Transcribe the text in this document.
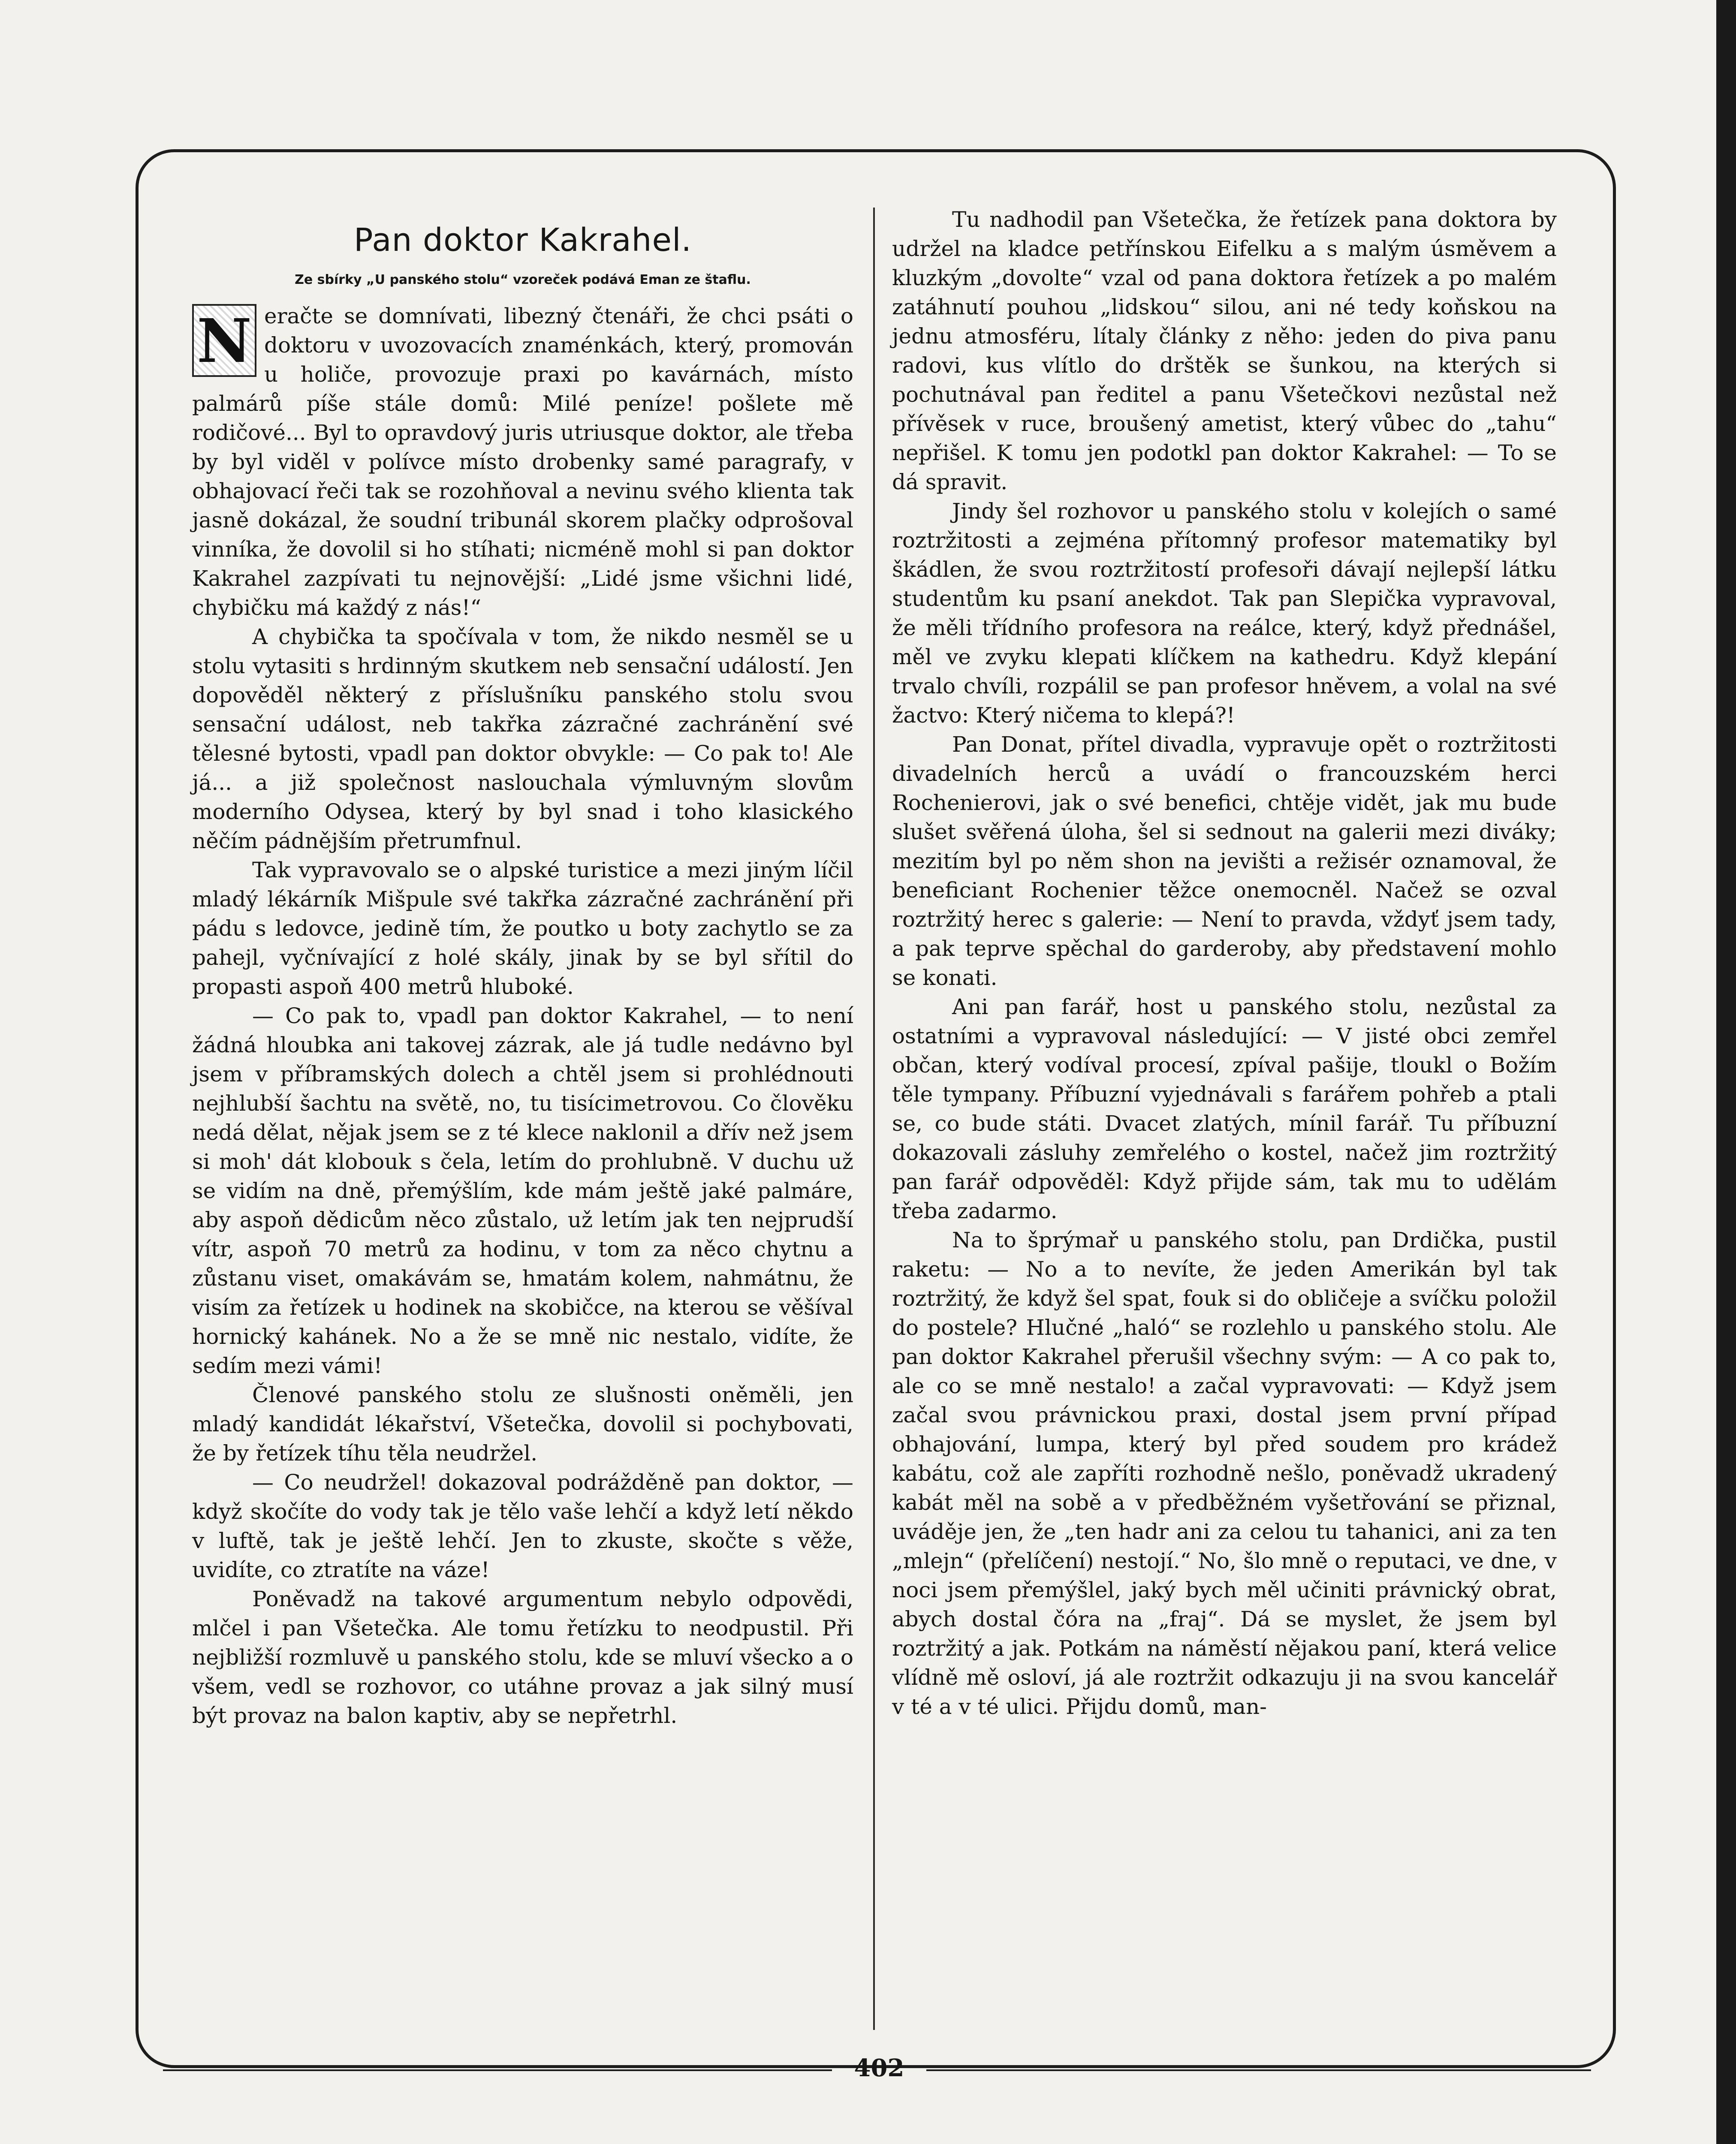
Pan doktor Kakrahel.
Ze sbírky „U panského stolu“ vzoreček podává Eman ze štaflu.
N eračte se domnívati, libezný čtenáři, že chci psáti o doktoru v uvozovacích znaménkách, který, promován u holiče, provozuje praxi po kavárnách, místo palmárů píše stále domů: Milé peníze! pošlete mě rodičové... Byl to opravdový juris utriusque doktor, ale třeba by byl viděl v polívce místo drobenky samé paragrafy, v obhajovací řeči tak se rozohňoval a nevinu svého klienta tak jasně dokázal, že soudní tribunál skorem plačky odprošoval vinníka, že dovolil si ho stíhati; nicméně mohl si pan doktor Kakrahel zazpívati tu nejnovější: „Lidé jsme všichni lidé, chybičku má každý z nás!“

A chybička ta spočívala v tom, že nikdo nesměl se u stolu vytasiti s hrdinným skutkem neb sensační událostí. Jen dopověděl některý z příslušníku panského stolu svou sensační událost, neb takřka zázračné zachránění své tělesné bytosti, vpadl pan doktor obvykle: — Co pak to! Ale já... a již společnost naslouchala výmluvným slovům moderního Odysea, který by byl snad i toho klasického něčím pádnějším přetrumfnul.

Tak vypravovalo se o alpské turistice a mezi jiným líčil mladý lékárník Mišpule své takřka zázračné zachránění při pádu s ledovce, jedině tím, že poutko u boty zachytlo se za pahejl, vyčnívající z holé skály, jinak by se byl sřítil do propasti aspoň 400 metrů hluboké.

— Co pak to, vpadl pan doktor Kakrahel, — to není žádná hloubka ani takovej zázrak, ale já tudle nedávno byl jsem v příbramských dolech a chtěl jsem si prohlédnouti nejhlubší šachtu na světě, no, tu tisícimetrovou. Co člověku nedá dělat, nějak jsem se z té klece naklonil a dřív než jsem si moh' dát klobouk s čela, letím do prohlubně. V duchu už se vidím na dně, přemýšlím, kde mám ještě jaké palmáre, aby aspoň dědicům něco zůstalo, už letím jak ten nejprudší vítr, aspoň 70 metrů za hodinu, v tom za něco chytnu a zůstanu viset, omakávám se, hmatám kolem, nahmátnu, že visím za řetízek u hodinek na skobičce, na kterou se věšíval hornický kahánek. No a že se mně nic nestalo, vidíte, že sedím mezi vámi!

Členové panského stolu ze slušnosti oněměli, jen mladý kandidát lékařství, Všetečka, dovolil si pochybovati, že by řetízek tíhu těla neudržel.

— Co neudržel! dokazoval podrážděně pan doktor, — když skočíte do vody tak je tělo vaše lehčí a když letí někdo v luftě, tak je ještě lehčí. Jen to zkuste, skočte s věže, uvidíte, co ztratíte na váze!

Poněvadž na takové argumentum nebylo odpovědi, mlčel i pan Všetečka. Ale tomu řetízku to neodpustil. Při nejbližší rozmluvě u panského stolu, kde se mluví všecko a o všem, vedl se rozhovor, co utáhne provaz a jak silný musí být provaz na balon kaptiv, aby se nepřetrhl.

Tu nadhodil pan Všetečka, že řetízek pana doktora by udržel na kladce petřínskou Eifelku a s malým úsměvem a kluzkým „dovolte“ vzal od pana doktora řetízek a po malém zatáhnutí pouhou „lidskou“ silou, ani né tedy koňskou na jednu atmosféru, lítaly články z něho: jeden do piva panu radovi, kus vlítlo do drštěk se šunkou, na kterých si pochutnával pan ředitel a panu Všetečkovi nezůstal než přívěsek v ruce, broušený ametist, který vůbec do „tahu“ nepřišel. K tomu jen podotkl pan doktor Kakrahel: — To se dá spravit.

Jindy šel rozhovor u panského stolu v kolejích o samé roztržitosti a zejména přítomný profesor matematiky byl škádlen, že svou roztržitostí profesoři dávají nejlepší látku studentům ku psaní anekdot. Tak pan Slepička vypravoval, že měli třídního profesora na reálce, který, když přednášel, měl ve zvyku klepati klíčkem na kathedru. Když klepání trvalo chvíli, rozpálil se pan profesor hněvem, a volal na své žactvo: Který ničema to klepá?!

Pan Donat, přítel divadla, vypravuje opět o roztržitosti divadelních herců a uvádí o francouzském herci Rochenierovi, jak o své benefici, chtěje vidět, jak mu bude slušet svěřená úloha, šel si sednout na galerii mezi diváky; mezitím byl po něm shon na jevišti a režisér oznamoval, že beneficiant Rochenier těžce onemocněl. Načež se ozval roztržitý herec s galerie: — Není to pravda, vždyť jsem tady, a pak teprve spěchal do garderoby, aby představení mohlo se konati.

Ani pan farář, host u panského stolu, nezůstal za ostatními a vypravoval následující: — V jisté obci zemřel občan, který vodíval procesí, zpíval pašije, tloukl o Božím těle tympany. Příbuzní vyjednávali s farářem pohřeb a ptali se, co bude státi. Dvacet zlatých, mínil farář. Tu příbuzní dokazovali zásluhy zemřelého o kostel, načež jim roztržitý pan farář odpověděl: Když přijde sám, tak mu to udělám třeba zadarmo.

Na to šprýmař u panského stolu, pan Drdička, pustil raketu: — No a to nevíte, že jeden Amerikán byl tak roztržitý, že když šel spat, fouk si do obličeje a svíčku položil do postele? Hlučné „haló“ se rozlehlo u panského stolu. Ale pan doktor Kakrahel přerušil všechny svým: — A co pak to, ale co se mně nestalo! a začal vypravovati: — Když jsem začal svou právnickou praxi, dostal jsem první případ obhajování, lumpa, který byl před soudem pro krádež kabátu, což ale zapříti rozhodně nešlo, poněvadž ukradený kabát měl na sobě a v předběžném vyšetřování se přiznal, uváděje jen, že „ten hadr ani za celou tu tahanici, ani za ten „mlejn“ (přelíčení) nestojí.“ No, šlo mně o reputaci, ve dne, v noci jsem přemýšlel, jaký bych měl učiniti právnický obrat, abych dostal čóra na „fraj“. Dá se myslet, že jsem byl roztržitý a jak. Potkám na náměstí nějakou paní, která velice vlídně mě osloví, já ale roztržit odkazuju ji na svou kancelář v té a v té ulici. Přijdu domů, man-

402
